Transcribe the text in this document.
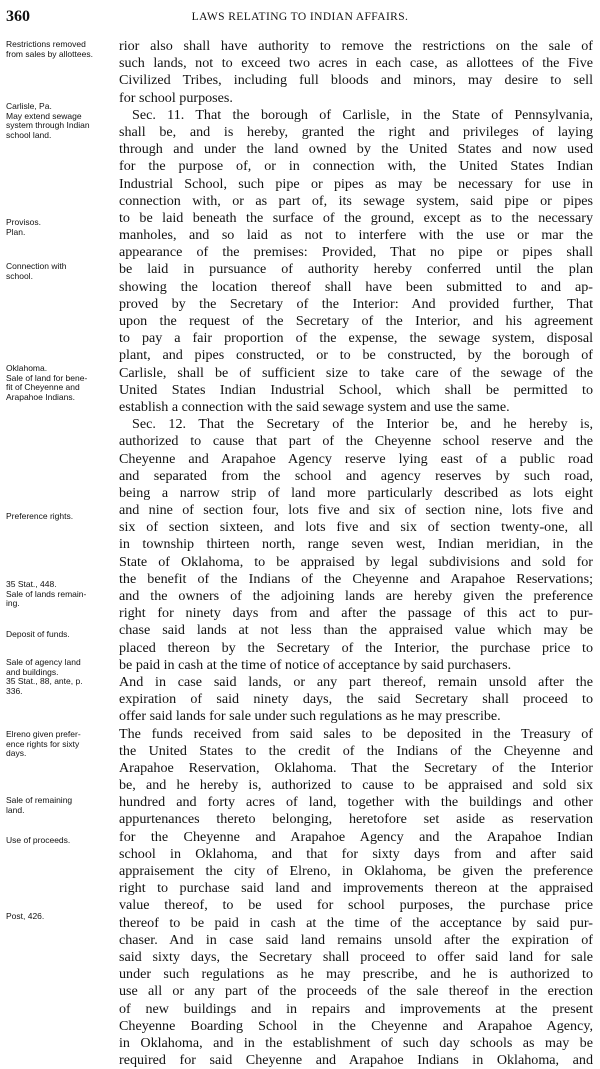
360	LAWS RELATING TO INDIAN AFFAIRS.
Restrictions removed
from sales by allottees.
Carlisle, Pa.
May extend sewage
system through Indian
school land.
Provisos.
Plan.
Connection with
school.
Oklahoma.
Sale of land for bene-
fit of Cheyenne and
Arapahoe Indians.
Preference rights.
35 Stat., 448.
Sale of lands remain-
ing.
Deposit of funds.
Sale of agency land
and buildings.
35 Stat., 88, ante, p.
336.
Elreno given prefer-
ence rights for sixty
days.
Sale of remaining
land.
Use of proceeds.
Post, 426.
rior also shall have authority to remove the restrictions on the sale of
such lands, not to exceed two acres in each case, as allottees of the Five
Civilized Tribes, including full bloods and minors, may desire to sell
for school purposes.
Sec. 11. That the borough of Carlisle, in the State of Pennsylvania,
shall be, and is hereby, granted the right and privileges of laying
through and under the land owned by the United States and now used
for the purpose of, or in connection with, the United States Indian
Industrial School, such pipe or pipes as may be necessary for use in
connection with, or as part of, its sewage system, said pipe or pipes
to be laid beneath the surface of the ground, except as to the necessary
manholes, and so laid as not to interfere with the use or mar the
appearance of the premises: Provided, That no pipe or pipes shall
be laid in pursuance of authority hereby conferred until the plan
showing the location thereof shall have been submitted to and ap-
proved by the Secretary of the Interior: And provided further, That
upon the request of the Secretary of the Interior, and his agreement
to pay a fair proportion of the expense, the sewage system, disposal
plant, and pipes constructed, or to be constructed, by the borough of
Carlisle, shall be of sufficient size to take care of the sewage of the
United States Indian Industrial School, which shall be permitted to
establish a connection with the said sewage system and use the same.
Sec. 12. That the Secretary of the Interior be, and he hereby is,
authorized to cause that part of the Cheyenne school reserve and the
Cheyenne and Arapahoe Agency reserve lying east of a public road
and separated from the school and agency reserves by such road,
being a narrow strip of land more particularly described as lots eight
and nine of section four, lots five and six of section nine, lots five and
six of section sixteen, and lots five and six of section twenty-one, all
in township thirteen north, range seven west, Indian meridian, in the
State of Oklahoma, to be appraised by legal subdivisions and sold for
the benefit of the Indians of the Cheyenne and Arapahoe Reservations;
and the owners of the adjoining lands are hereby given the preference
right for ninety days from and after the passage of this act to pur-
chase said lands at not less than the appraised value which may be
placed thereon by the Secretary of the Interior, the purchase price to
be paid in cash at the time of notice of acceptance by said purchasers.
And in case said lands, or any part thereof, remain unsold after the
expiration of said ninety days, the said Secretary shall proceed to
offer said lands for sale under such regulations as he may prescribe.
The funds received from said sales to be deposited in the Treasury of
the United States to the credit of the Indians of the Cheyenne and
Arapahoe Reservation, Oklahoma. That the Secretary of the Interior
be, and he hereby is, authorized to cause to be appraised and sold six
hundred and forty acres of land, together with the buildings and other
appurtenances thereto belonging, heretofore set aside as reservation
for the Cheyenne and Arapahoe Agency and the Arapahoe Indian
school in Oklahoma, and that for sixty days from and after said
appraisement the city of Elreno, in Oklahoma, be given the preference
right to purchase said land and improvements thereon at the appraised
value thereof, to be used for school purposes, the purchase price
thereof to be paid in cash at the time of the acceptance by said pur-
chaser. And in case said land remains unsold after the expiration of
said sixty days, the Secretary shall proceed to offer said land for sale
under such regulations as he may prescribe, and he is authorized to
use all or any part of the proceeds of the sale thereof in the erection
of new buildings and in repairs and improvements at the present
Cheyenne Boarding School in the Cheyenne and Arapahoe Agency,
in Oklahoma, and in the establishment of such day schools as may be
required for said Cheyenne and Arapahoe Indians in Oklahoma, and
